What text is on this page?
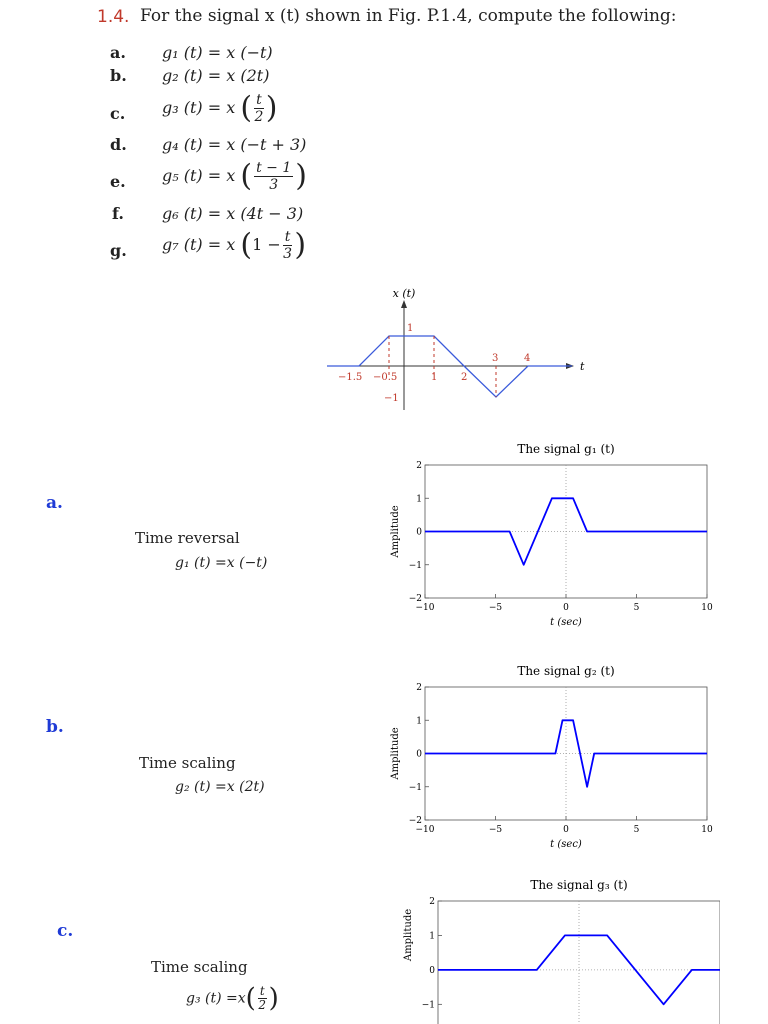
1.4. For the signal x (t) shown in Fig. P.1.4, compute the following:
a. g₁ (t) = x (−t)
b. g₂ (t) = x (2t)
c. g₃ (t) = x ( $\frac{t}{2}$ )
d. g₄ (t) = x (−t + 3)
e. g₅ (t) = x ( $\frac{t - 1}{3}$ )
f. g₆ (t) = x (4t − 3)
g. g₇ (t) = x ($1 - \frac{t}{3}$ )
x (t)
t
1
−1
3	4
−1.5 −0.5	1 2
a.
Time reversal
g₁ (t) =x (−t)
b.
Time scaling
g₂ (t) =x (2t)
c.
Time scaling
g₃ $(t) =x( \frac{t}{2}$ )
The signal g₁ (t)
2
1
0
−1
−2
−10	−5	0	5	10
t (sec)
Amplitude
The signal g₂ (t)
2
1
0
−1
−2
−10	−5	0	5	10
t (sec)
Amplitude
The signal g₃ (t)
2
1
0
−1
Amplitude
